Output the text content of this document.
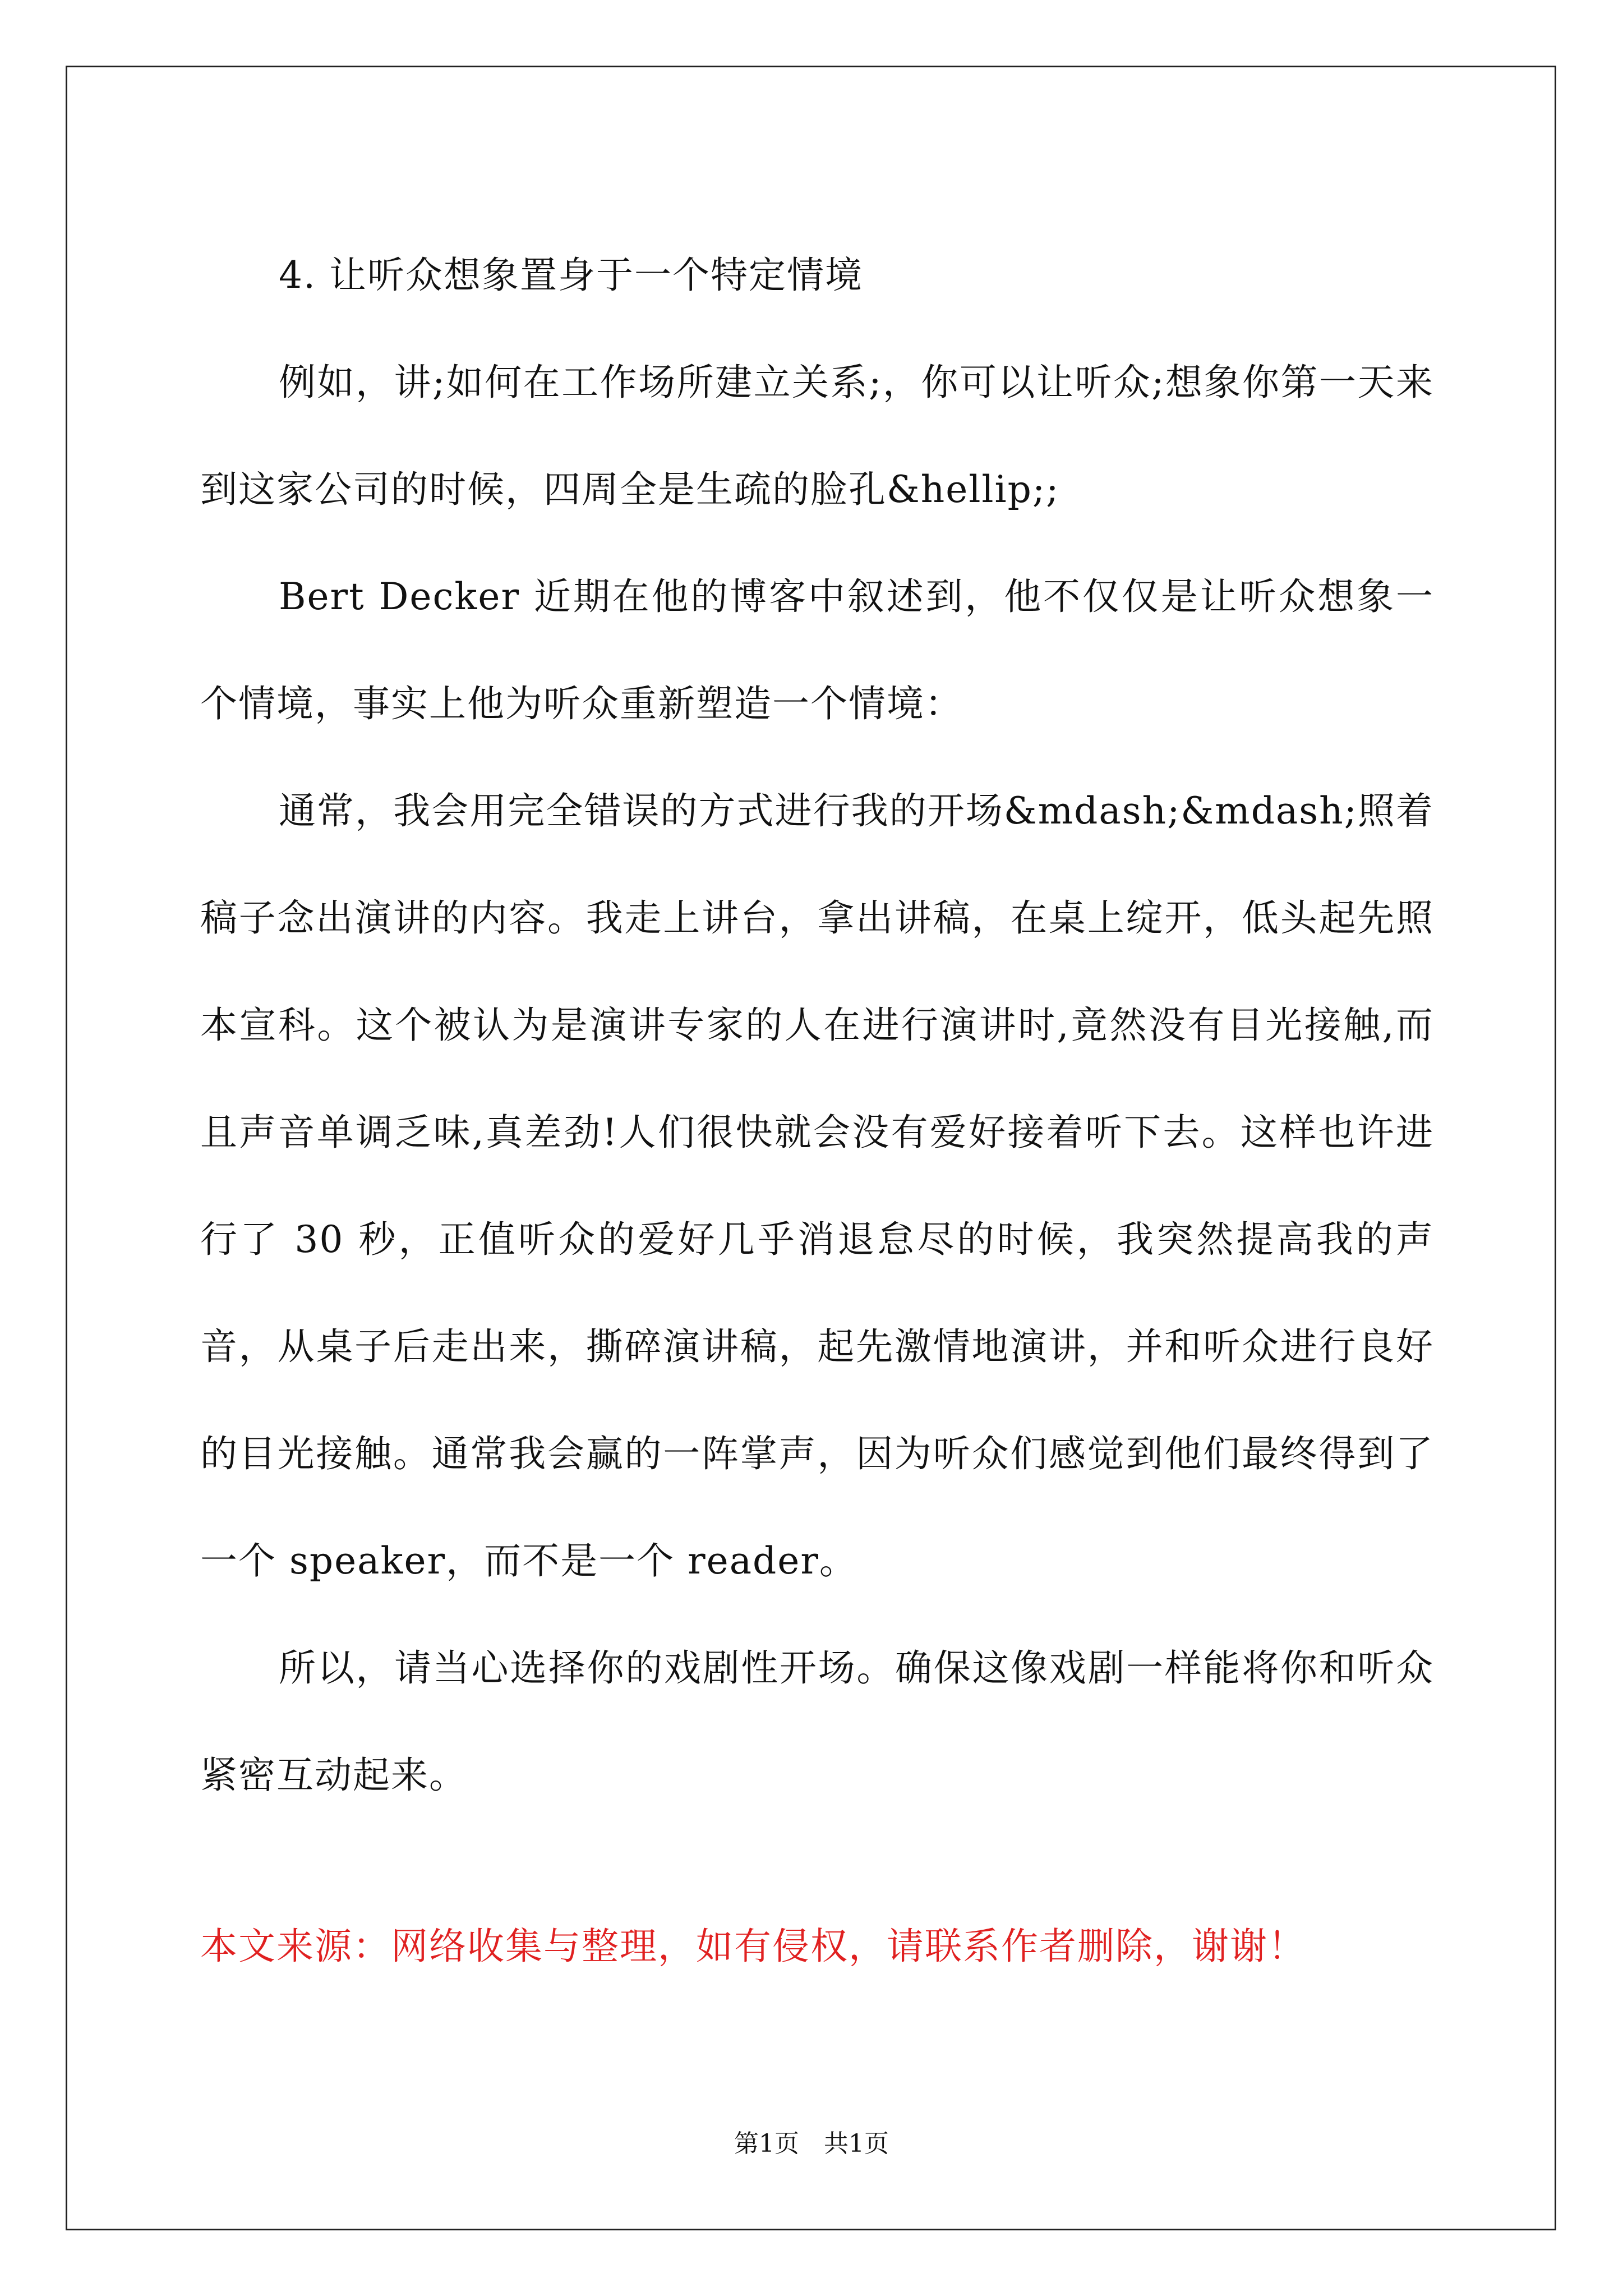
4. 让听众想象置身于一个特定情境

例如，讲;如何在工作场所建立关系;，你可以让听众;想象你第一天来到这家公司的时候，四周全是生疏的脸孔&hellip;;

Bert Decker 近期在他的博客中叙述到，他不仅仅是让听众想象一个情境，事实上他为听众重新塑造一个情境：

通常，我会用完全错误的方式进行我的开场&mdash;&mdash;照着稿子念出演讲的内容。我走上讲台，拿出讲稿，在桌上绽开，低头起先照本宣科。这个被认为是演讲专家的人在进行演讲时,竟然没有目光接触,而且声音单调乏味,真差劲!人们很快就会没有爱好接着听下去。这样也许进行了 30 秒，正值听众的爱好几乎消退怠尽的时候，我突然提高我的声音，从桌子后走出来，撕碎演讲稿，起先激情地演讲，并和听众进行良好的目光接触。通常我会赢的一阵掌声，因为听众们感觉到他们最终得到了一个 speaker，而不是一个 reader。

所以，请当心选择你的戏剧性开场。确保这像戏剧一样能将你和听众紧密互动起来。

本文来源：网络收集与整理，如有侵权，请联系作者删除，谢谢！
第1页 共1页
